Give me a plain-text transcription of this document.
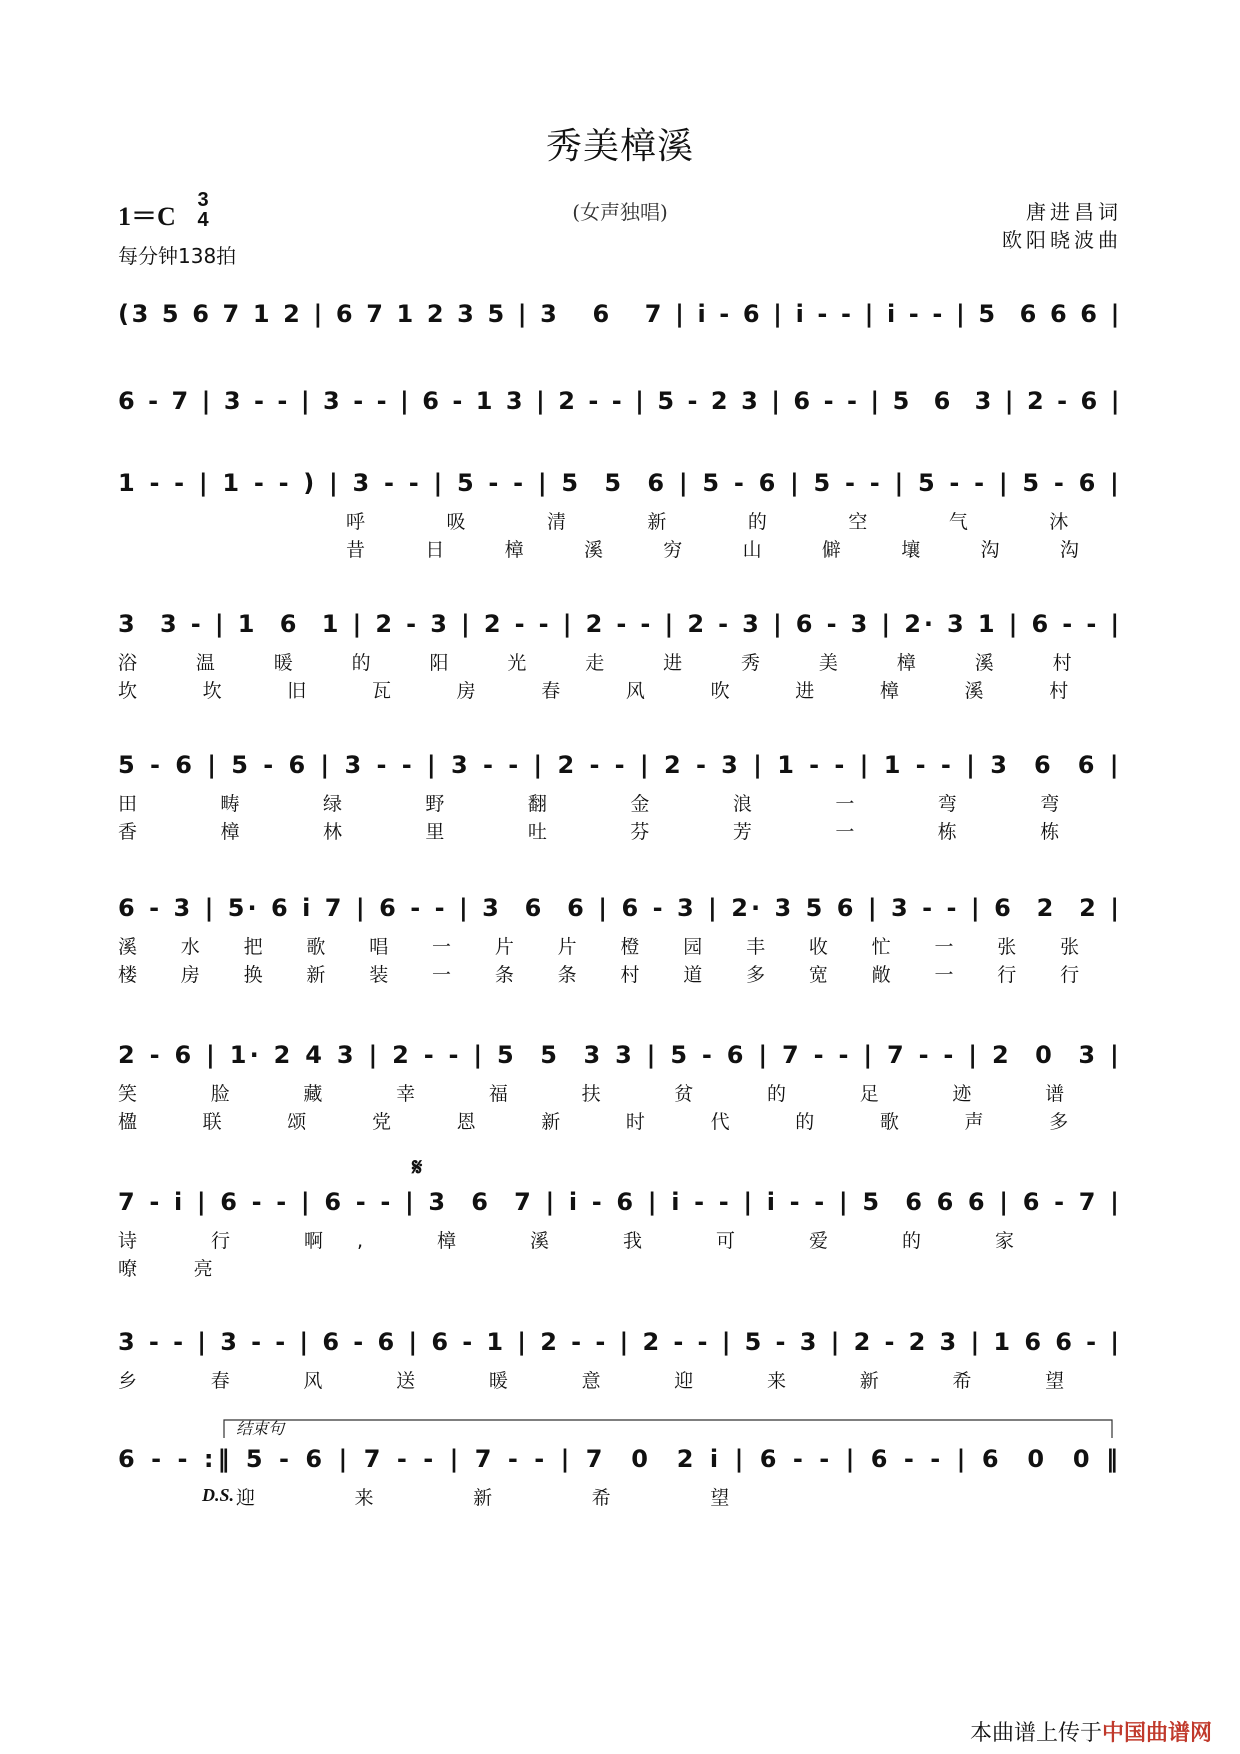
秀美樟溪
1＝C
3
4
每分钟138拍
(女声独唱)	唐进昌词
欧阳晓波曲
(3 5 6 7 1 2 | 6 7 1 2 3 5 | 3   6   7 | i - 6 | i - - | i - - | 5  6 6 6 |
6 - 7 | 3 - - | 3 - - | 6 - 1 3 | 2 - - | 5 - 2 3 | 6 - - | 5  6  3 | 2 - 6 |
1 - - | 1 - - ) | 3 - - | 5 - - | 5  5  6 | 5 - 6 | 5 - - | 5 - - | 5 - 6 |
呼 吸 清 新 的 空 气 沐
昔 日 樟 溪 穷 山 僻 壤 沟 沟
3  3 - | 1  6  1 | 2 - 3 | 2 - - | 2 - - | 2 - 3 | 6 - 3 | 2· 3 1 | 6 - - |
浴 温 暖 的 阳 光 走 进 秀 美 樟 溪 村
坎 坎 旧 瓦 房 春 风 吹 进 樟 溪 村
5 - 6 | 5 - 6 | 3 - - | 3 - - | 2 - - | 2 - 3 | 1 - - | 1 - - | 3  6  6 |
田 畴 绿 野 翻 金 浪 一 弯 弯
香 樟 林 里 吐 芬 芳 一 栋 栋
6 - 3 | 5· 6 i 7 | 6 - - | 3  6  6 | 6 - 3 | 2· 3 5 6 | 3 - - | 6  2  2 |
溪 水 把 歌 唱 一 片 片 橙 园 丰 收 忙 一 张 张
楼 房 换 新 装 一 条 条 村 道 多 宽 敞 一 行 行
2 - 6 | 1· 2 4 3 | 2 - - | 5  5  3 3 | 5 - 6 | 7 - - | 7 - - | 2  0  3 |
笑 脸 藏 幸 福 扶 贫 的 足 迹 谱
楹 联 颂 党 恩 新 时 代 的 歌 声 多
7 - i | 6 - - | 6 - - | 3  6  7 | i - 6 | i - - | i - - | 5  6 6 6 | 6 - 7 |
诗 行 啊, 樟 溪 我 可 爱 的 家
嘹 亮
3 - - | 3 - - | 6 - 6 | 6 - 1 | 2 - - | 2 - - | 5 - 3 | 2 - 2 3 | 1 6 6 - |
乡 春 风 送 暖 意 迎 来 新 希 望
6 - - :‖ 5 - 6 | 7 - - | 7 - - | 7  0  2 i | 6 - - | 6 - - | 6  0  0 ‖
迎 来 新 希 望
𝄋
结束句
D.S.
本曲谱上传于中国曲谱网
